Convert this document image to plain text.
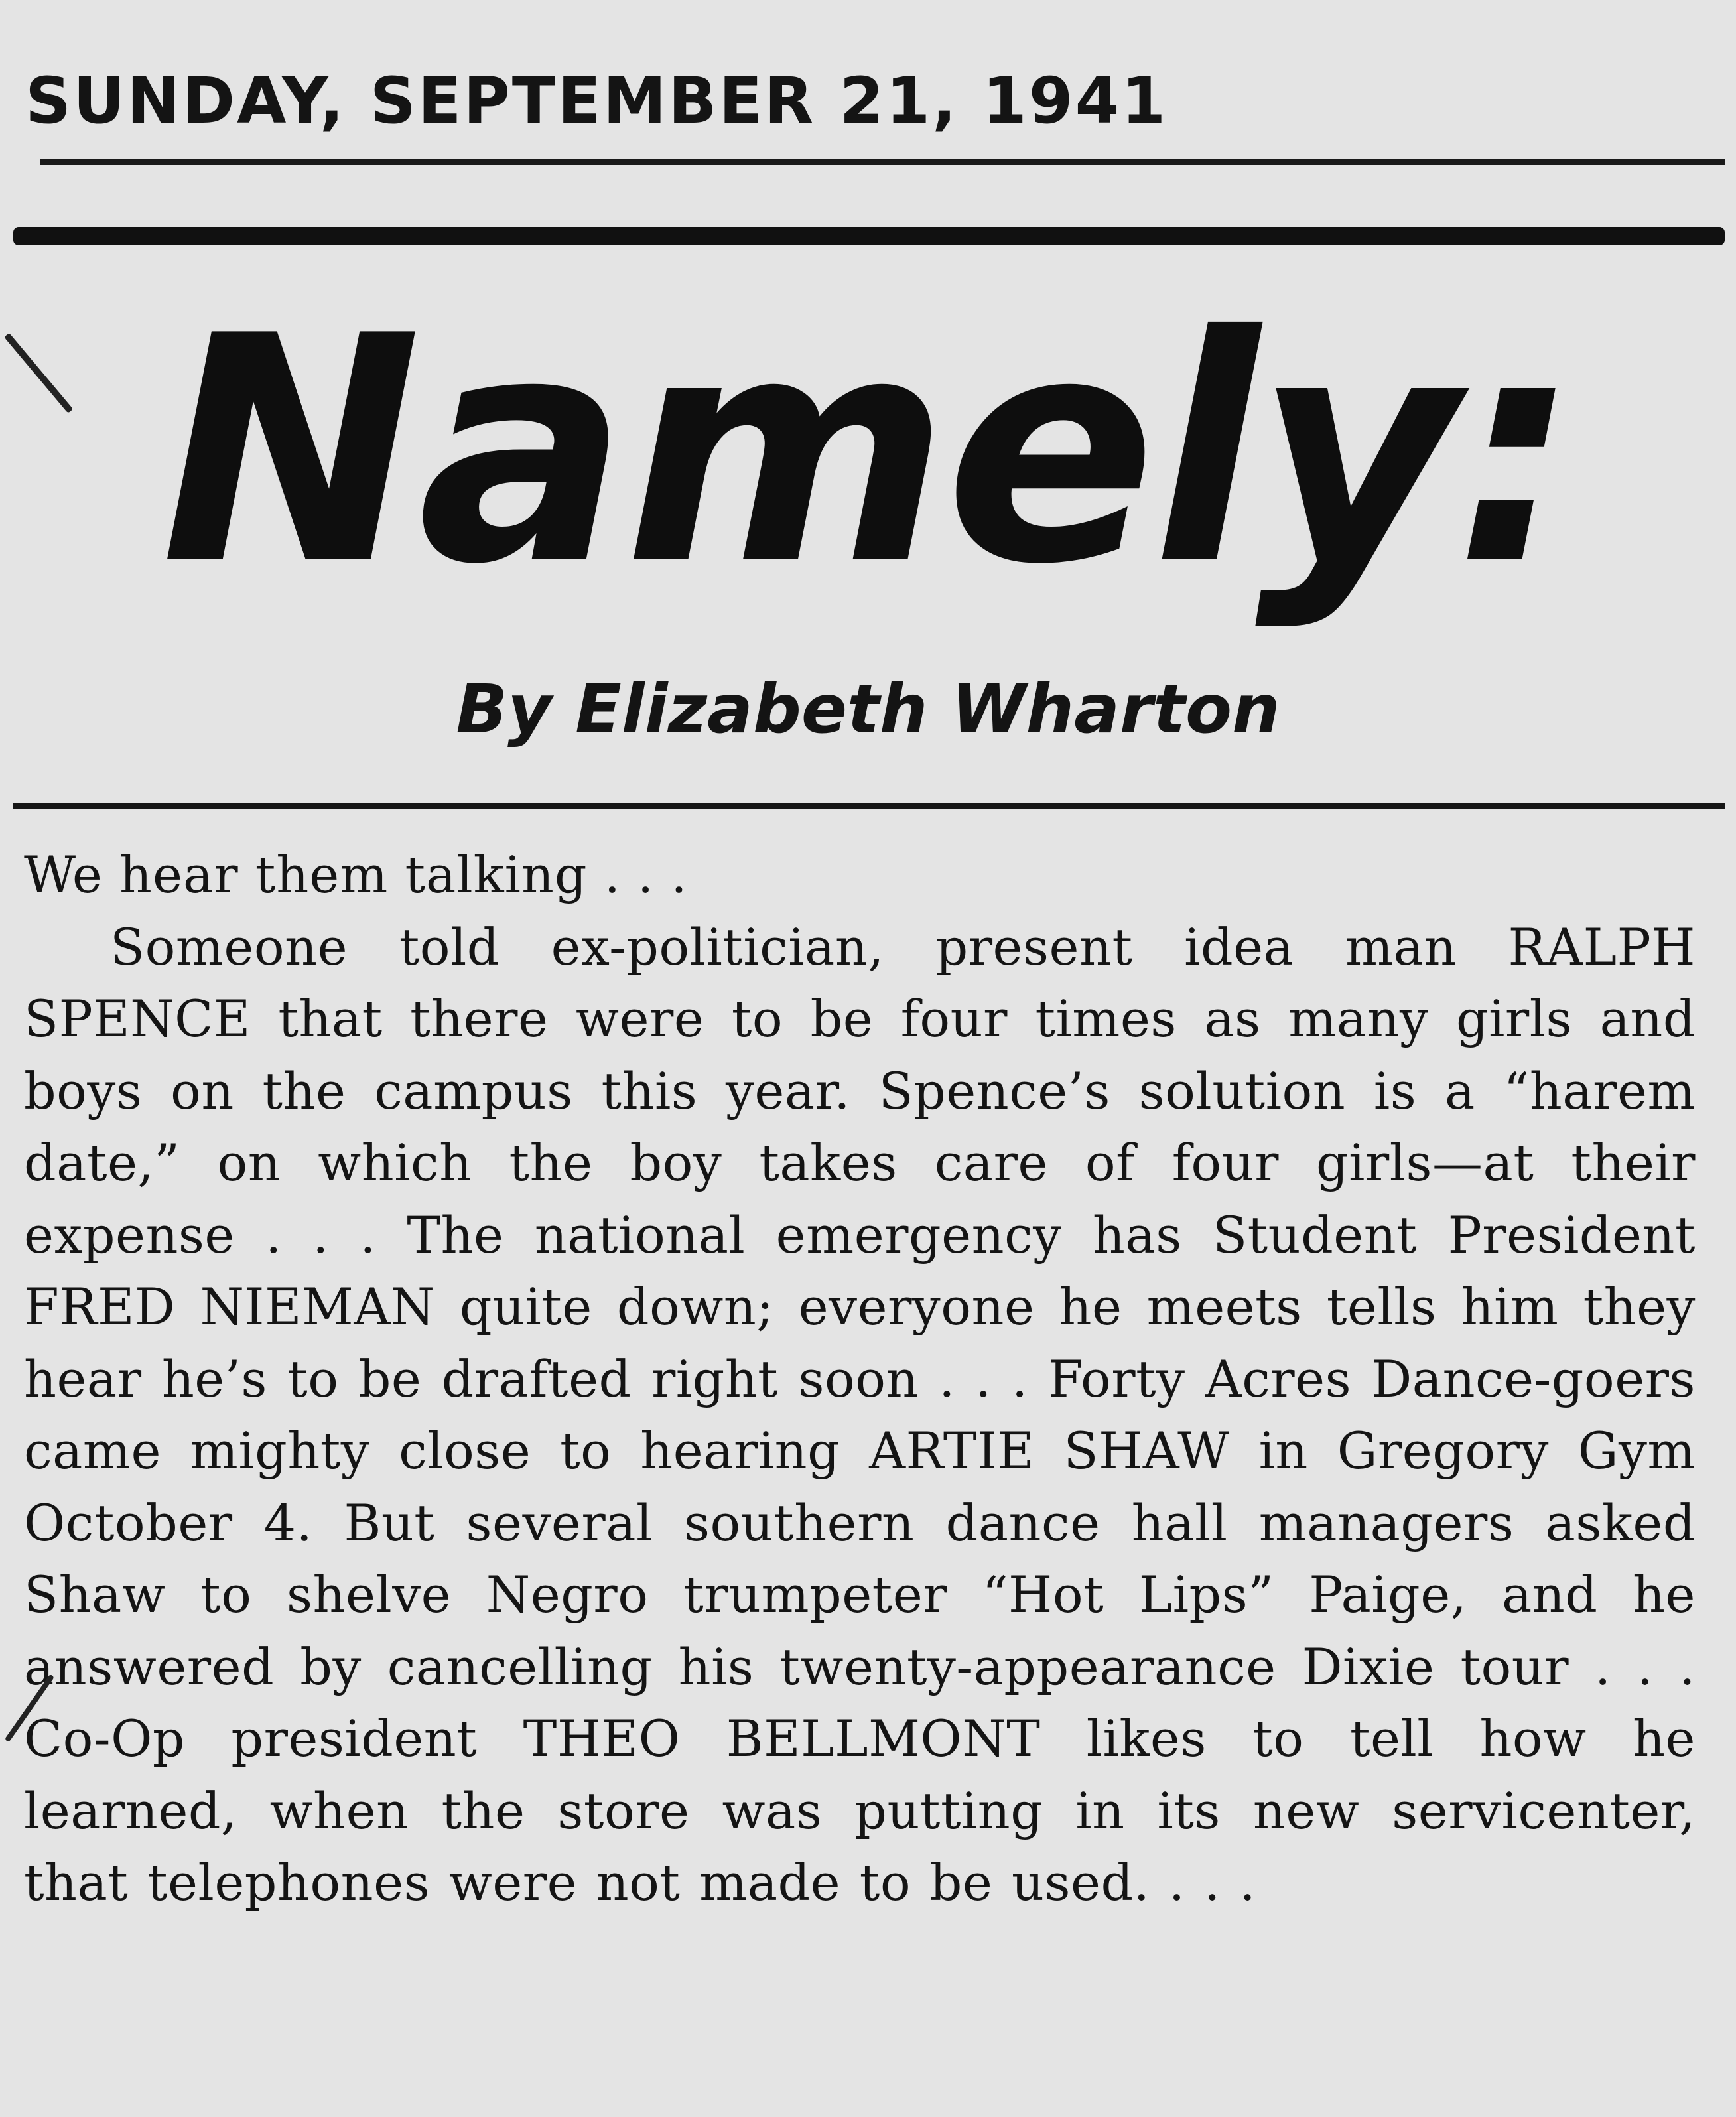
SUNDAY, SEPTEMBER 21, 1941
Namely:
By Elizabeth Wharton
We hear them talking . . .
Someone told ex-politician, present idea man RALPH SPENCE that there were to be four times as many girls and boys on the campus this year. Spence’s solution is a “harem date,” on which the boy takes care of four girls—at their expense . . . The national emergency has Student President FRED NIEMAN quite down; everyone he meets tells him they hear he’s to be drafted right soon . . . Forty Acres Dance-goers came mighty close to hearing ARTIE SHAW in Gregory Gym October 4. But several southern dance hall managers asked Shaw to shelve Negro trumpeter “Hot Lips” Paige, and he answered by cancelling his twenty-appearance Dixie tour . . . Co-Op president THEO BELLMONT likes to tell how he learned, when the store was putting in its new servicenter, that telephones were not made to be used. . . .
